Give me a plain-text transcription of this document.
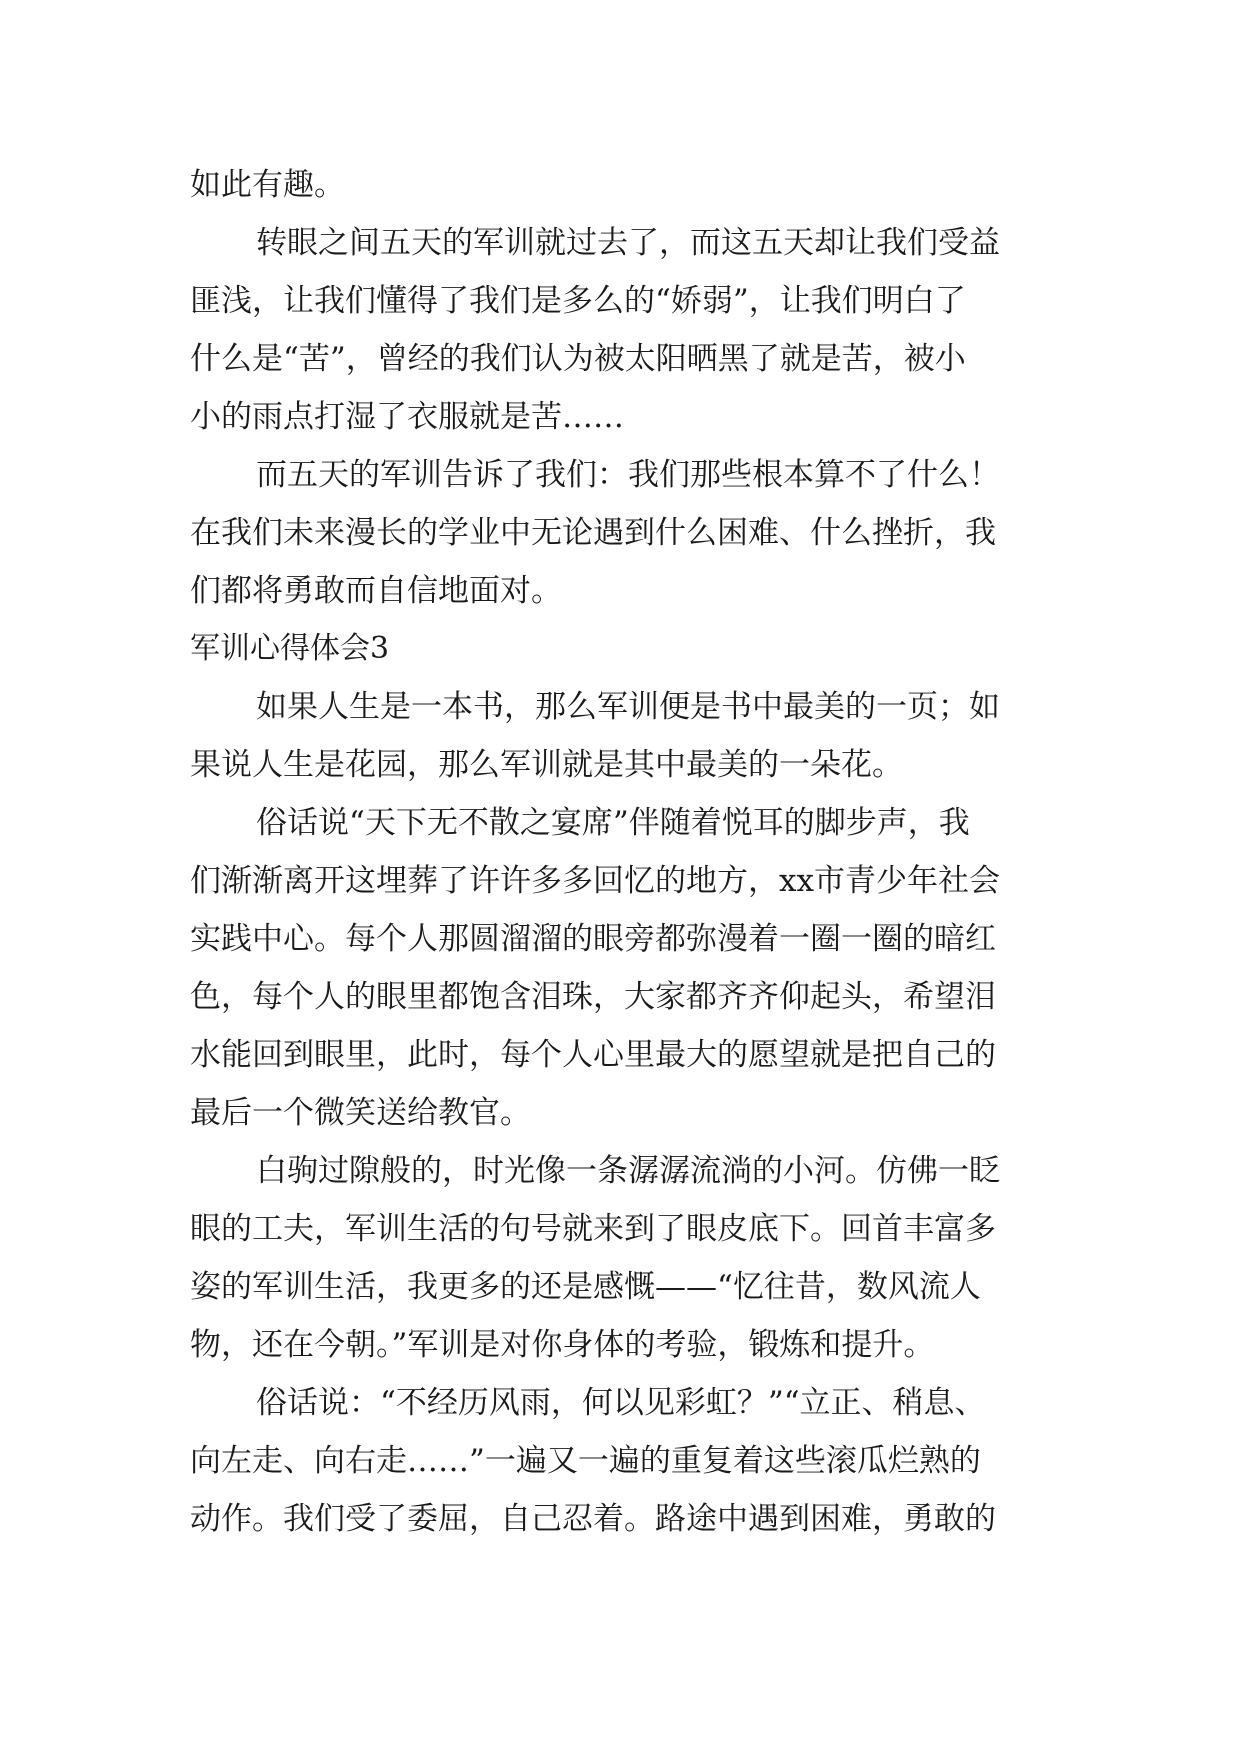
如此有趣。
转眼之间五天的军训就过去了，而这五天却让我们受益
匪浅，让我们懂得了我们是多么的“娇弱”，让我们明白了
什么是“苦”，曾经的我们认为被太阳晒黑了就是苦，被小
小的雨点打湿了衣服就是苦……
而五天的军训告诉了我们：我们那些根本算不了什么！
在我们未来漫长的学业中无论遇到什么困难、什么挫折，我
们都将勇敢而自信地面对。
军训心得体会3
如果人生是一本书，那么军训便是书中最美的一页；如
果说人生是花园，那么军训就是其中最美的一朵花。
俗话说“天下无不散之宴席”伴随着悦耳的脚步声，我
们渐渐离开这埋葬了许许多多回忆的地方，xx市青少年社会
实践中心。每个人那圆溜溜的眼旁都弥漫着一圈一圈的暗红
色，每个人的眼里都饱含泪珠，大家都齐齐仰起头，希望泪
水能回到眼里，此时，每个人心里最大的愿望就是把自己的
最后一个微笑送给教官。
白驹过隙般的，时光像一条潺潺流淌的小河。仿佛一眨
眼的工夫，军训生活的句号就来到了眼皮底下。回首丰富多
姿的军训生活，我更多的还是感慨——“忆往昔，数风流人
物，还在今朝。”军训是对你身体的考验，锻炼和提升。
俗话说：“不经历风雨，何以见彩虹？”“立正、稍息、
向左走、向右走……”一遍又一遍的重复着这些滚瓜烂熟的
动作。我们受了委屈，自己忍着。路途中遇到困难，勇敢的
